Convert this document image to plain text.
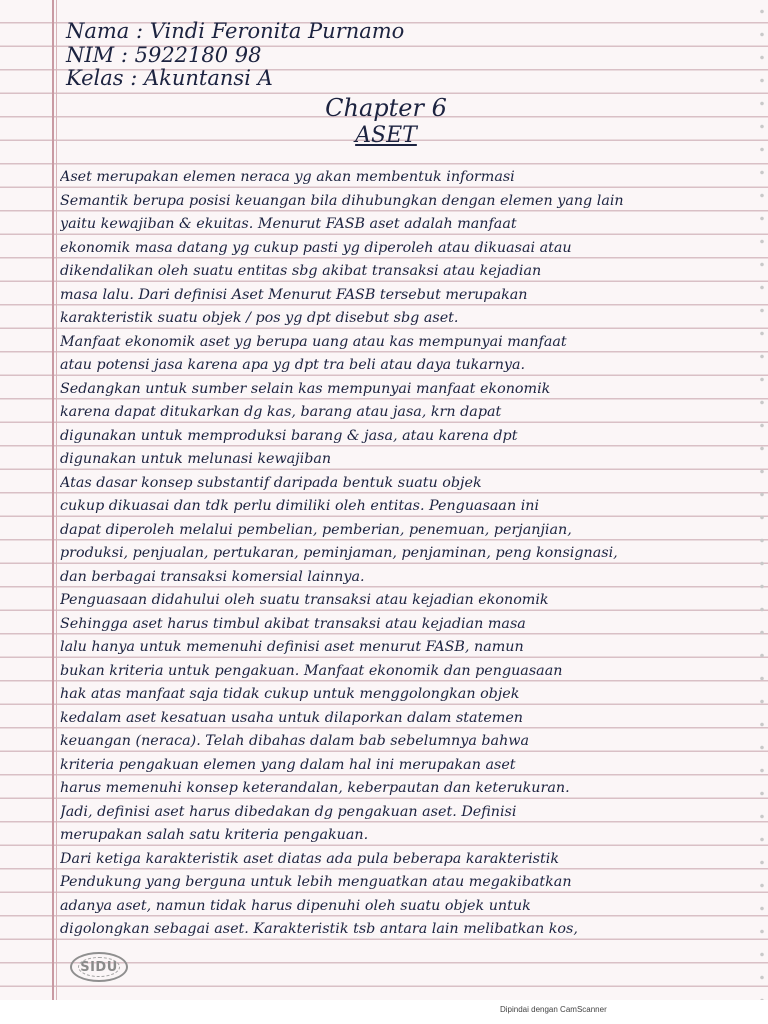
Nama : Vindi Feronita Purnamo
NIM : 5922180 98
Kelas : Akuntansi A
Chapter 6
ASET
Aset merupakan elemen neraca yg akan membentuk informasi
Semantik berupa posisi keuangan bila dihubungkan dengan elemen yang lain
yaitu kewajiban & ekuitas. Menurut FASB aset adalah manfaat
ekonomik masa datang yg cukup pasti yg diperoleh atau dikuasai atau
dikendalikan oleh suatu entitas sbg akibat transaksi atau kejadian
masa lalu. Dari definisi Aset Menurut FASB tersebut merupakan
karakteristik suatu objek / pos yg dpt disebut sbg aset.
Manfaat ekonomik aset yg berupa uang atau kas mempunyai manfaat
atau potensi jasa karena apa yg dpt tra beli atau daya tukarnya.
Sedangkan untuk sumber selain kas mempunyai manfaat ekonomik
karena dapat ditukarkan dg kas, barang atau jasa, krn dapat
digunakan untuk memproduksi barang & jasa, atau karena dpt
digunakan untuk melunasi kewajiban
Atas dasar konsep substantif daripada bentuk suatu objek
cukup dikuasai dan tdk perlu dimiliki oleh entitas. Penguasaan ini
dapat diperoleh melalui pembelian, pemberian, penemuan, perjanjian,
produksi, penjualan, pertukaran, peminjaman, penjaminan, peng konsignasi,
dan berbagai transaksi komersial lainnya.
Penguasaan didahului oleh suatu transaksi atau kejadian ekonomik
Sehingga aset harus timbul akibat transaksi atau kejadian masa
lalu hanya untuk memenuhi definisi aset menurut FASB, namun
bukan kriteria untuk pengakuan. Manfaat ekonomik dan penguasaan
hak atas manfaat saja tidak cukup untuk menggolongkan objek
kedalam aset kesatuan usaha untuk dilaporkan dalam statemen
keuangan (neraca). Telah dibahas dalam bab sebelumnya bahwa
kriteria pengakuan elemen yang dalam hal ini merupakan aset
harus memenuhi konsep keterandalan, keberpautan dan keterukuran.
Jadi, definisi aset harus dibedakan dg pengakuan aset. Definisi
merupakan salah satu kriteria pengakuan.
Dari ketiga karakteristik aset diatas ada pula beberapa karakteristik
Pendukung yang berguna untuk lebih menguatkan atau megakibatkan
adanya aset, namun tidak harus dipenuhi oleh suatu objek untuk
digolongkan sebagai aset. Karakteristik tsb antara lain melibatkan kos,
SIDU
Dipindai dengan CamScanner
